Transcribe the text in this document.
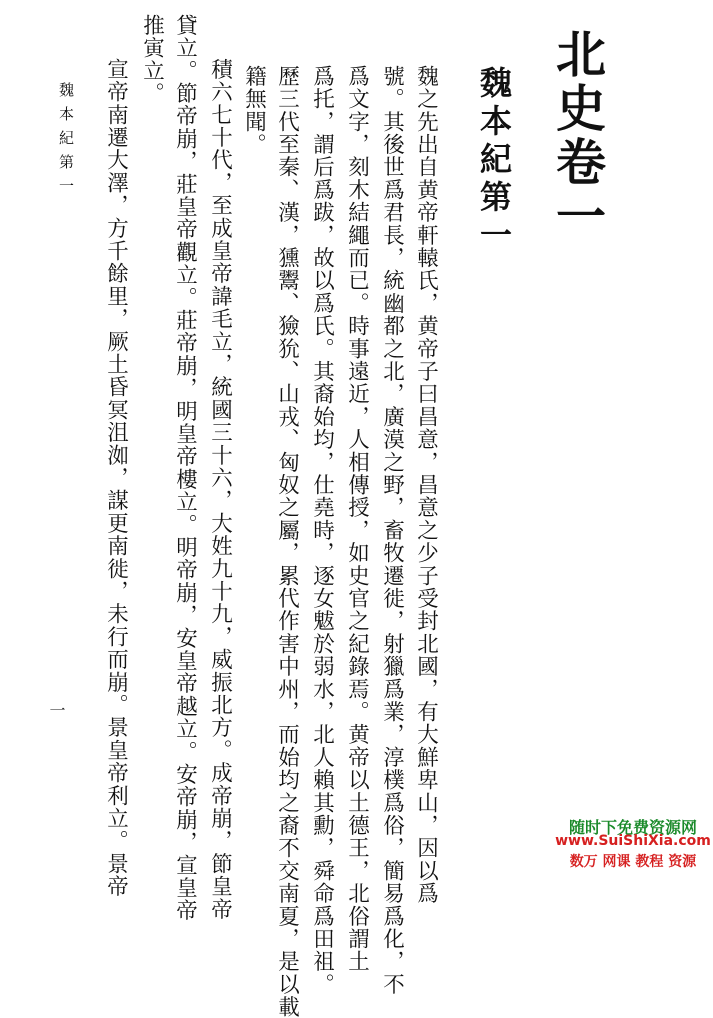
北史卷一
魏本紀第一
魏之先出自黄帝軒轅氏，黄帝子曰昌意，昌意之少子受封北國，有大鮮卑山，因以爲
號。其後世爲君長，統幽都之北，廣漠之野，畜牧遷徙，射獵爲業，淳樸爲俗，簡易爲化，不
爲文字，刻木結繩而已。時事遠近，人相傳授，如史官之紀錄焉。黄帝以土德王，北俗謂土
爲托，謂后爲跋，故以爲氏。其裔始均，仕堯時，逐女魃於弱水，北人賴其勳，舜命爲田祖。
歷三代至秦、漢，獯鬻、獫狁、山戎、匈奴之屬，累代作害中州，而始均之裔不交南夏，是以載
籍無聞。
積六七十代，至成皇帝諱毛立，統國三十六，大姓九十九，威振北方。成帝崩，節皇帝
貸立。節帝崩，莊皇帝觀立。莊帝崩，明皇帝樓立。明帝崩，安皇帝越立。安帝崩，宣皇帝
推寅立。
宣帝南遷大澤，方千餘里，厥土昏冥沮洳，謀更南徙，未行而崩。景皇帝利立。景帝
魏本紀第一
一
随时下免费资源网
www.SuiShiXia.com
数万 网课 教程 资源
